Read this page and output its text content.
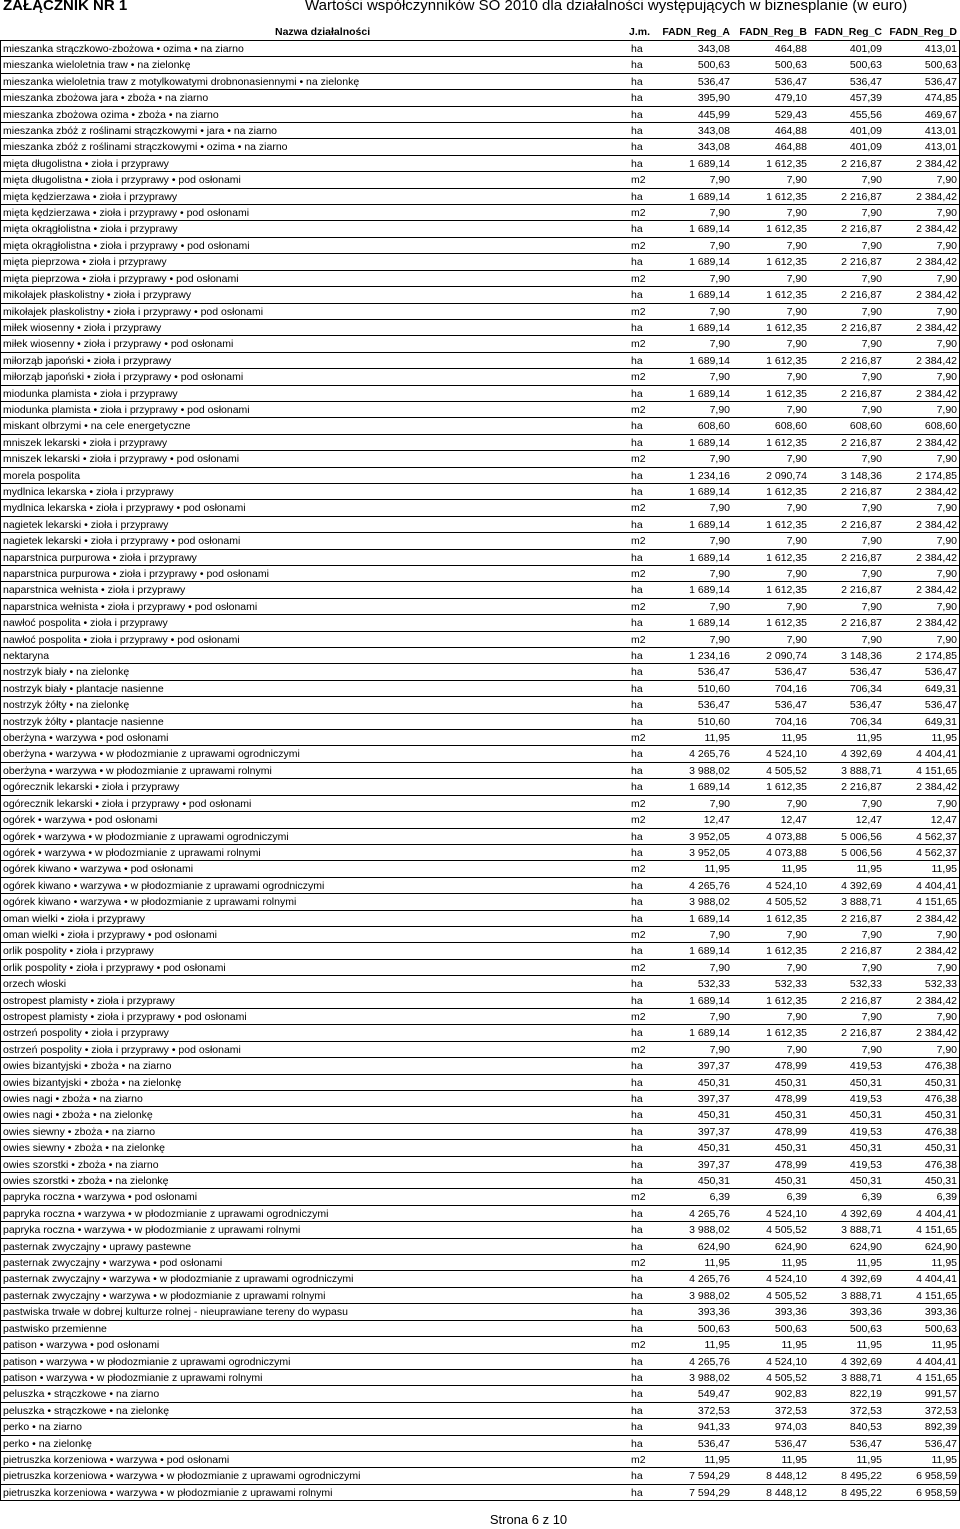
ZAŁĄCZNIK NR 1	Wartości współczynników SO 2010 dla działalności występujących w biznesplanie (w euro)
Nazwa działalności	J.m. FADN_Reg_A FADN_Reg_B FADN_Reg_C FADN_Reg_D
mieszanka strączkowo-zbożowa • ozima • na ziarno	ha	343,08	464,88	401,09	413,01
mieszanka wieloletnia traw • na zielonkę	ha	500,63	500,63	500,63	500,63
mieszanka wieloletnia traw z motylkowatymi drobnonasiennymi • na zielonkę	ha	536,47	536,47	536,47	536,47
mieszanka zbożowa jara • zboża • na ziarno	ha	395,90	479,10	457,39	474,85
mieszanka zbożowa ozima • zboża • na ziarno	ha	445,99	529,43	455,56	469,67
mieszanka zbóż z roślinami strączkowymi • jara • na ziarno	ha	343,08	464,88	401,09	413,01
mieszanka zbóż z roślinami strączkowymi • ozima • na ziarno	ha	343,08	464,88	401,09	413,01
mięta długolistna • zioła i przyprawy	ha	1 689,14	1 612,35	2 216,87	2 384,42
mięta długolistna • zioła i przyprawy • pod osłonami	m2	7,90	7,90	7,90	7,90
mięta kędzierzawa • zioła i przyprawy	ha	1 689,14	1 612,35	2 216,87	2 384,42
mięta kędzierzawa • zioła i przyprawy • pod osłonami	m2	7,90	7,90	7,90	7,90
mięta okrągłolistna • zioła i przyprawy	ha	1 689,14	1 612,35	2 216,87	2 384,42
mięta okrągłolistna • zioła i przyprawy • pod osłonami	m2	7,90	7,90	7,90	7,90
mięta pieprzowa • zioła i przyprawy	ha	1 689,14	1 612,35	2 216,87	2 384,42
mięta pieprzowa • zioła i przyprawy • pod osłonami	m2	7,90	7,90	7,90	7,90
mikołajek płaskolistny • zioła i przyprawy	ha	1 689,14	1 612,35	2 216,87	2 384,42
mikołajek płaskolistny • zioła i przyprawy • pod osłonami	m2	7,90	7,90	7,90	7,90
miłek wiosenny • zioła i przyprawy	ha	1 689,14	1 612,35	2 216,87	2 384,42
miłek wiosenny • zioła i przyprawy • pod osłonami	m2	7,90	7,90	7,90	7,90
miłorząb japoński • zioła i przyprawy	ha	1 689,14	1 612,35	2 216,87	2 384,42
miłorząb japoński • zioła i przyprawy • pod osłonami	m2	7,90	7,90	7,90	7,90
miodunka plamista • zioła i przyprawy	ha	1 689,14	1 612,35	2 216,87	2 384,42
miodunka plamista • zioła i przyprawy • pod osłonami	m2	7,90	7,90	7,90	7,90
miskant olbrzymi • na cele energetyczne	ha	608,60	608,60	608,60	608,60
mniszek lekarski • zioła i przyprawy	ha	1 689,14	1 612,35	2 216,87	2 384,42
mniszek lekarski • zioła i przyprawy • pod osłonami	m2	7,90	7,90	7,90	7,90
morela pospolita	ha	1 234,16	2 090,74	3 148,36	2 174,85
mydlnica lekarska • zioła i przyprawy	ha	1 689,14	1 612,35	2 216,87	2 384,42
mydlnica lekarska • zioła i przyprawy • pod osłonami	m2	7,90	7,90	7,90	7,90
nagietek lekarski • zioła i przyprawy	ha	1 689,14	1 612,35	2 216,87	2 384,42
nagietek lekarski • zioła i przyprawy • pod osłonami	m2	7,90	7,90	7,90	7,90
naparstnica purpurowa • zioła i przyprawy	ha	1 689,14	1 612,35	2 216,87	2 384,42
naparstnica purpurowa • zioła i przyprawy • pod osłonami	m2	7,90	7,90	7,90	7,90
naparstnica wełnista • zioła i przyprawy	ha	1 689,14	1 612,35	2 216,87	2 384,42
naparstnica wełnista • zioła i przyprawy • pod osłonami	m2	7,90	7,90	7,90	7,90
nawłoć pospolita • zioła i przyprawy	ha	1 689,14	1 612,35	2 216,87	2 384,42
nawłoć pospolita • zioła i przyprawy • pod osłonami	m2	7,90	7,90	7,90	7,90
nektaryna	ha	1 234,16	2 090,74	3 148,36	2 174,85
nostrzyk biały • na zielonkę	ha	536,47	536,47	536,47	536,47
nostrzyk biały • plantacje nasienne	ha	510,60	704,16	706,34	649,31
nostrzyk żółty • na zielonkę	ha	536,47	536,47	536,47	536,47
nostrzyk żółty • plantacje nasienne	ha	510,60	704,16	706,34	649,31
oberżyna • warzywa • pod osłonami	m2	11,95	11,95	11,95	11,95
oberżyna • warzywa • w płodozmianie z uprawami ogrodniczymi	ha	4 265,76	4 524,10	4 392,69	4 404,41
oberżyna • warzywa • w płodozmianie z uprawami rolnymi	ha	3 988,02	4 505,52	3 888,71	4 151,65
ogórecznik lekarski • zioła i przyprawy	ha	1 689,14	1 612,35	2 216,87	2 384,42
ogórecznik lekarski • zioła i przyprawy • pod osłonami	m2	7,90	7,90	7,90	7,90
ogórek • warzywa • pod osłonami	m2	12,47	12,47	12,47	12,47
ogórek • warzywa • w płodozmianie z uprawami ogrodniczymi	ha	3 952,05	4 073,88	5 006,56	4 562,37
ogórek • warzywa • w płodozmianie z uprawami rolnymi	ha	3 952,05	4 073,88	5 006,56	4 562,37
ogórek kiwano • warzywa • pod osłonami	m2	11,95	11,95	11,95	11,95
ogórek kiwano • warzywa • w płodozmianie z uprawami ogrodniczymi	ha	4 265,76	4 524,10	4 392,69	4 404,41
ogórek kiwano • warzywa • w płodozmianie z uprawami rolnymi	ha	3 988,02	4 505,52	3 888,71	4 151,65
oman wielki • zioła i przyprawy	ha	1 689,14	1 612,35	2 216,87	2 384,42
oman wielki • zioła i przyprawy • pod osłonami	m2	7,90	7,90	7,90	7,90
orlik pospolity • zioła i przyprawy	ha	1 689,14	1 612,35	2 216,87	2 384,42
orlik pospolity • zioła i przyprawy • pod osłonami	m2	7,90	7,90	7,90	7,90
orzech włoski	ha	532,33	532,33	532,33	532,33
ostropest plamisty • zioła i przyprawy	ha	1 689,14	1 612,35	2 216,87	2 384,42
ostropest plamisty • zioła i przyprawy • pod osłonami	m2	7,90	7,90	7,90	7,90
ostrzeń pospolity • zioła i przyprawy	ha	1 689,14	1 612,35	2 216,87	2 384,42
ostrzeń pospolity • zioła i przyprawy • pod osłonami	m2	7,90	7,90	7,90	7,90
owies bizantyjski • zboża • na ziarno	ha	397,37	478,99	419,53	476,38
owies bizantyjski • zboża • na zielonkę	ha	450,31	450,31	450,31	450,31
owies nagi • zboża • na ziarno	ha	397,37	478,99	419,53	476,38
owies nagi • zboża • na zielonkę	ha	450,31	450,31	450,31	450,31
owies siewny • zboża • na ziarno	ha	397,37	478,99	419,53	476,38
owies siewny • zboża • na zielonkę	ha	450,31	450,31	450,31	450,31
owies szorstki • zboża • na ziarno	ha	397,37	478,99	419,53	476,38
owies szorstki • zboża • na zielonkę	ha	450,31	450,31	450,31	450,31
papryka roczna • warzywa • pod osłonami	m2	6,39	6,39	6,39	6,39
papryka roczna • warzywa • w płodozmianie z uprawami ogrodniczymi	ha	4 265,76	4 524,10	4 392,69	4 404,41
papryka roczna • warzywa • w płodozmianie z uprawami rolnymi	ha	3 988,02	4 505,52	3 888,71	4 151,65
pasternak zwyczajny • uprawy pastewne	ha	624,90	624,90	624,90	624,90
pasternak zwyczajny • warzywa • pod osłonami	m2	11,95	11,95	11,95	11,95
pasternak zwyczajny • warzywa • w płodozmianie z uprawami ogrodniczymi	ha	4 265,76	4 524,10	4 392,69	4 404,41
pasternak zwyczajny • warzywa • w płodozmianie z uprawami rolnymi	ha	3 988,02	4 505,52	3 888,71	4 151,65
pastwiska trwałe w dobrej kulturze rolnej - nieuprawiane tereny do wypasu	ha	393,36	393,36	393,36	393,36
pastwisko przemienne	ha	500,63	500,63	500,63	500,63
patison • warzywa • pod osłonami	m2	11,95	11,95	11,95	11,95
patison • warzywa • w płodozmianie z uprawami ogrodniczymi	ha	4 265,76	4 524,10	4 392,69	4 404,41
patison • warzywa • w płodozmianie z uprawami rolnymi	ha	3 988,02	4 505,52	3 888,71	4 151,65
peluszka • strączkowe • na ziarno	ha	549,47	902,83	822,19	991,57
peluszka • strączkowe • na zielonkę	ha	372,53	372,53	372,53	372,53
perko • na ziarno	ha	941,33	974,03	840,53	892,39
perko • na zielonkę	ha	536,47	536,47	536,47	536,47
pietruszka korzeniowa • warzywa • pod osłonami	m2	11,95	11,95	11,95	11,95
pietruszka korzeniowa • warzywa • w płodozmianie z uprawami ogrodniczymi	ha	7 594,29	8 448,12	8 495,22	6 958,59
pietruszka korzeniowa • warzywa • w płodozmianie z uprawami rolnymi	ha	7 594,29	8 448,12	8 495,22	6 958,59
Strona 6 z 10
